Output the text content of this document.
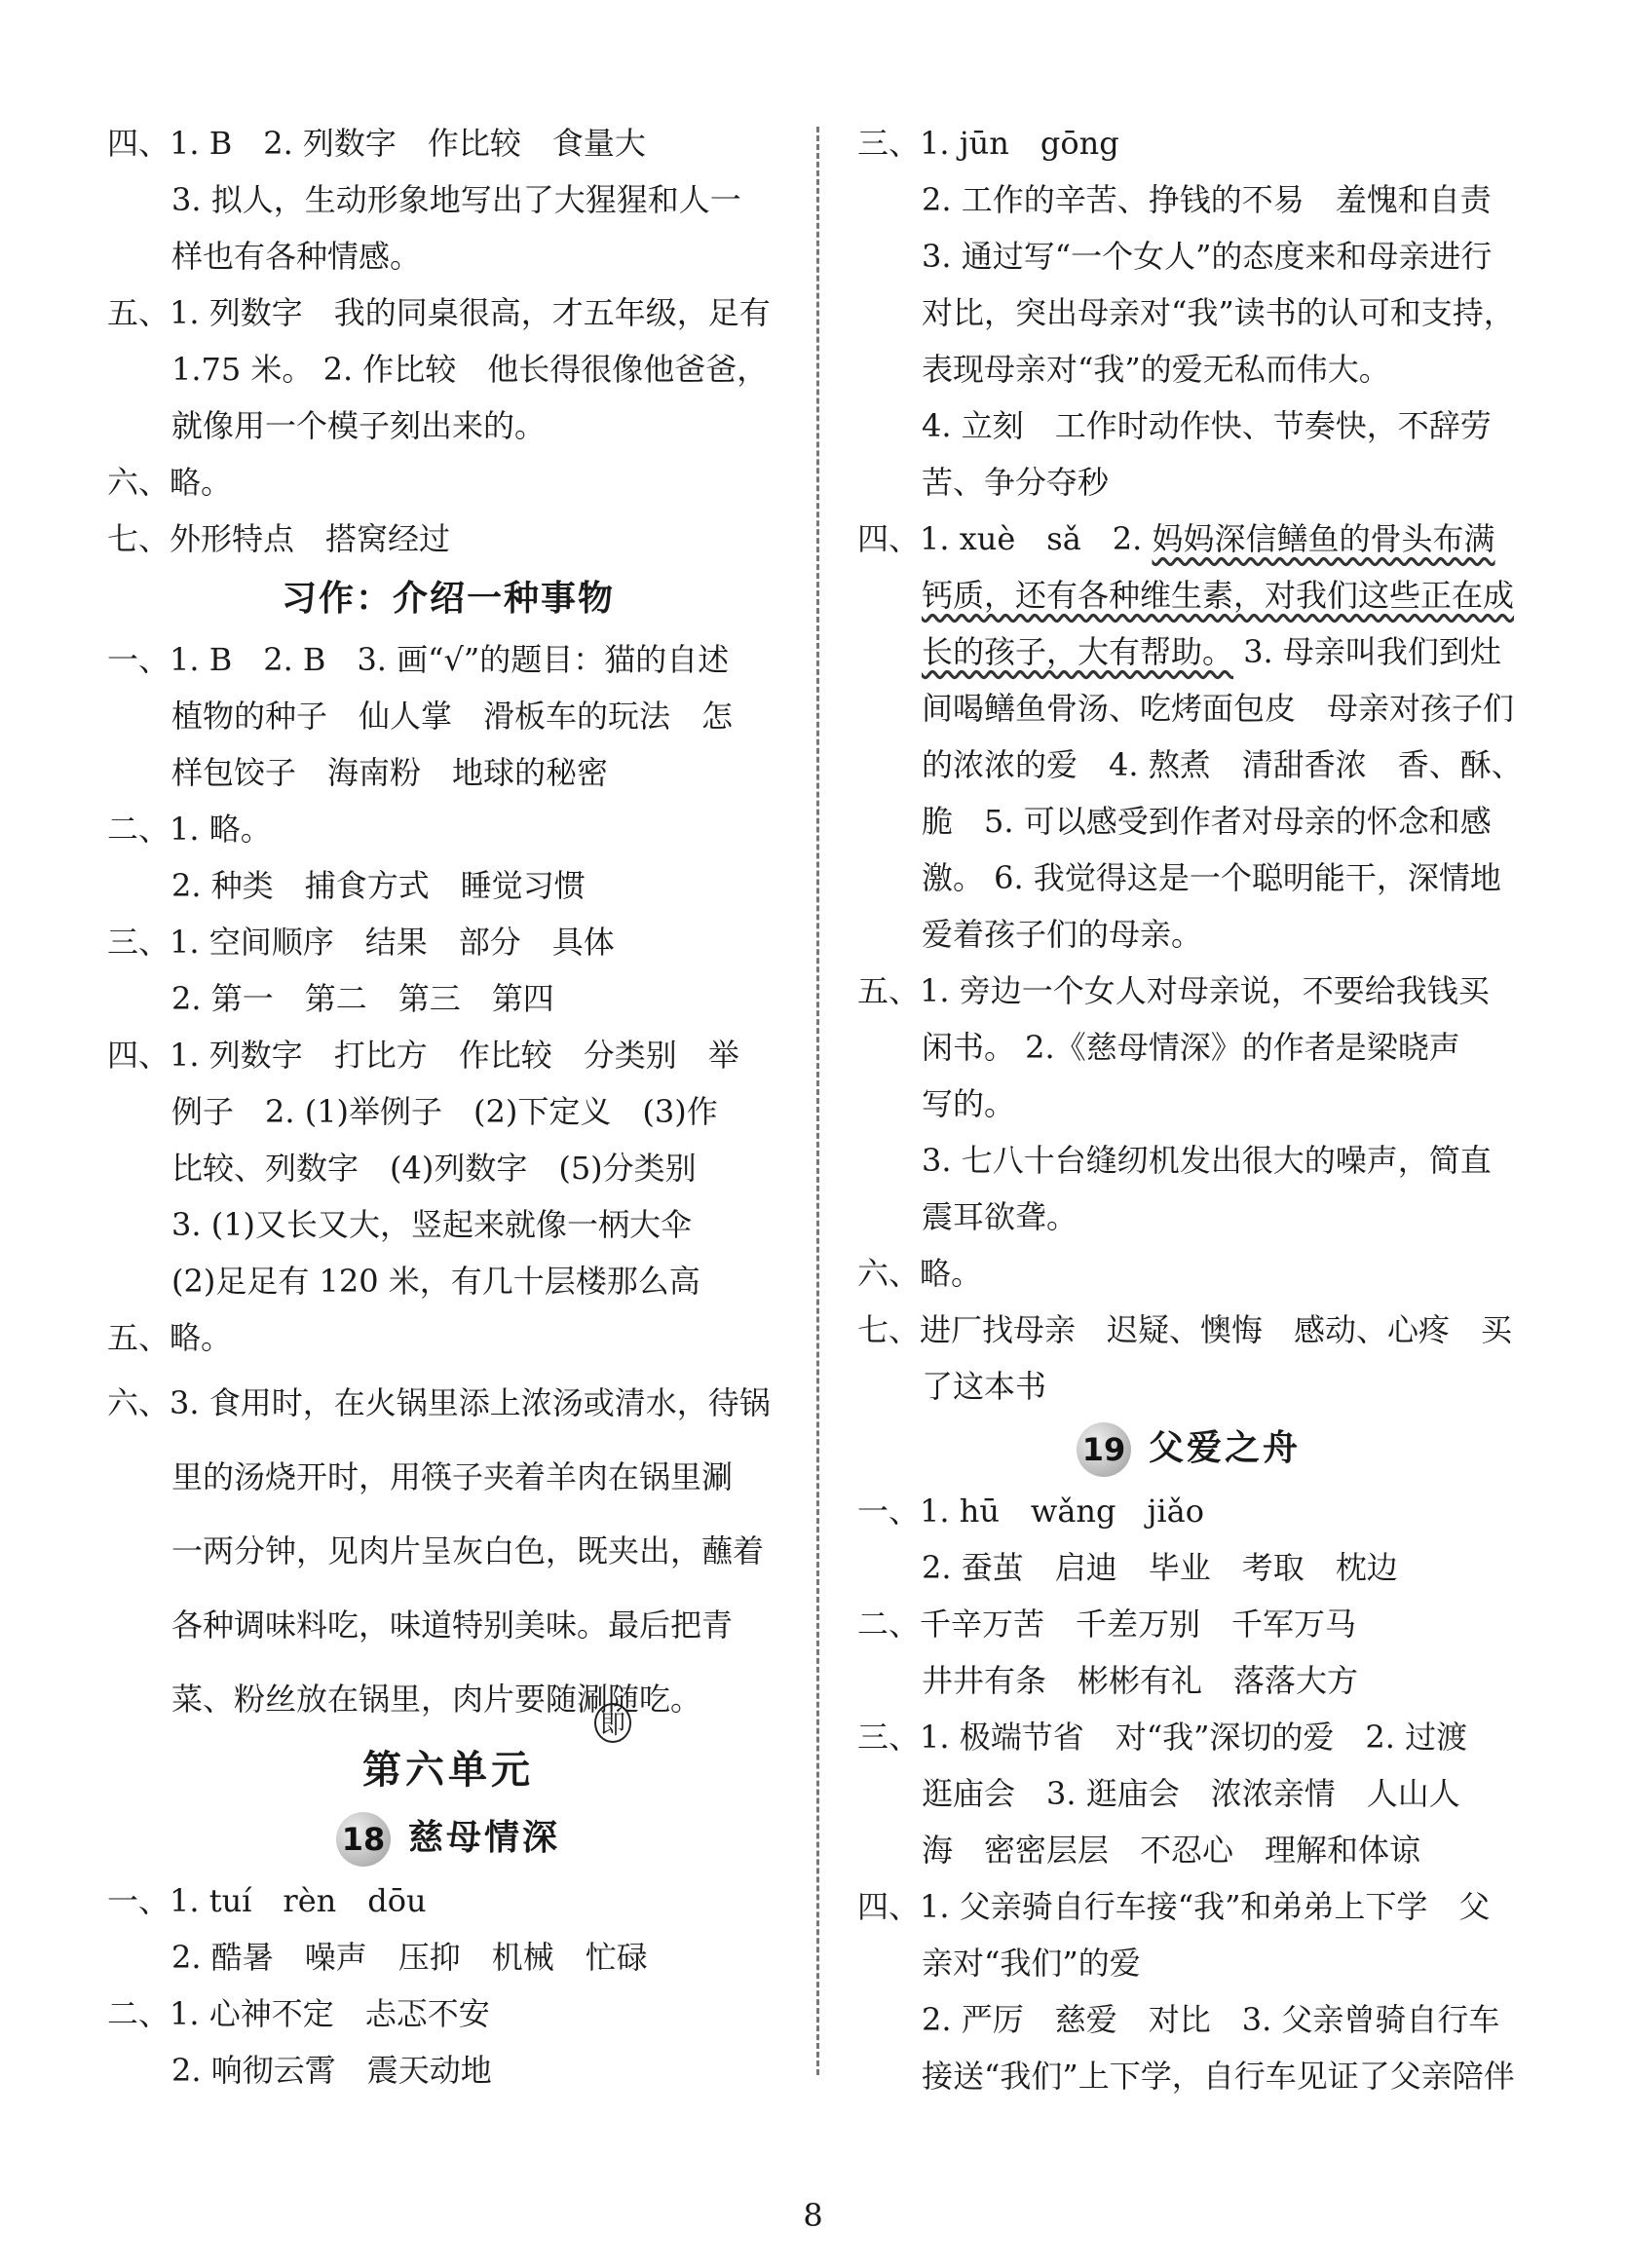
四、1. B　2. 列数字　作比较　食量大
3. 拟人，生动形象地写出了大猩猩和人一
样也有各种情感。
五、1. 列数字　我的同桌很高，才五年级，足有
1.75 米。 2. 作比较　他长得很像他爸爸，
就像用一个模子刻出来的。
六、略。
七、外形特点　搭窝经过
习作：介绍一种事物
即
一、1. B　2. B　3. 画“√”的题目：猫的自述
植物的种子　仙人掌　滑板车的玩法　怎
样包饺子　海南粉　地球的秘密
二、1. 略。
2. 种类　捕食方式　睡觉习惯
三、1. 空间顺序　结果　部分　具体
2. 第一　第二　第三　第四
四、1. 列数字　打比方　作比较　分类别　举
例子　2. (1)举例子　(2)下定义　(3)作
比较、列数字　(4)列数字　(5)分类别
3. (1)又长又大，竖起来就像一柄大伞
(2)足足有 120 米，有几十层楼那么高
五、略。
六、3. 食用时，在火锅里添上浓汤或清水，待锅
里的汤烧开时，用筷子夹着羊肉在锅里涮
一两分钟，见肉片呈灰白色，既夹出，蘸着
各种调味料吃，味道特别美味。最后把青
菜、粉丝放在锅里，肉片要随涮随吃。
第六单元
18 慈母情深
一、1. tuí　rèn　dōu
2. 酷暑　噪声　压抑　机械　忙碌
二、1. 心神不定　忐忑不安
2. 响彻云霄　震天动地
三、1. jūn　gōng
2. 工作的辛苦、挣钱的不易　羞愧和自责
3. 通过写“一个女人”的态度来和母亲进行
对比，突出母亲对“我”读书的认可和支持，
表现母亲对“我”的爱无私而伟大。
4. 立刻　工作时动作快、节奏快，不辞劳
苦、争分夺秒
四、1. xuè　sǎ　2. 妈妈深信鳝鱼的骨头布满
钙质，还有各种维生素，对我们这些正在成
长的孩子，大有帮助。 3. 母亲叫我们到灶
间喝鳝鱼骨汤、吃烤面包皮　母亲对孩子们
的浓浓的爱　4. 熬煮　清甜香浓　香、酥、
脆　5. 可以感受到作者对母亲的怀念和感
激。 6. 我觉得这是一个聪明能干，深情地
爱着孩子们的母亲。
五、1. 旁边一个女人对母亲说，不要给我钱买
闲书。 2.《慈母情深》的作者是梁晓声
写的。
3. 七八十台缝纫机发出很大的噪声，简直
震耳欲聋。
六、略。
七、进厂找母亲　迟疑、懊悔　感动、心疼　买
了这本书
19 父爱之舟
一、1. hū　wǎng　jiǎo
2. 蚕茧　启迪　毕业　考取　枕边
二、千辛万苦　千差万别　千军万马
井井有条　彬彬有礼　落落大方
三、1. 极端节省　对“我”深切的爱　2. 过渡
逛庙会　3. 逛庙会　浓浓亲情　人山人
海　密密层层　不忍心　理解和体谅
四、1. 父亲骑自行车接“我”和弟弟上下学　父
亲对“我们”的爱
2. 严厉　慈爱　对比　3. 父亲曾骑自行车
接送“我们”上下学，自行车见证了父亲陪伴
8
